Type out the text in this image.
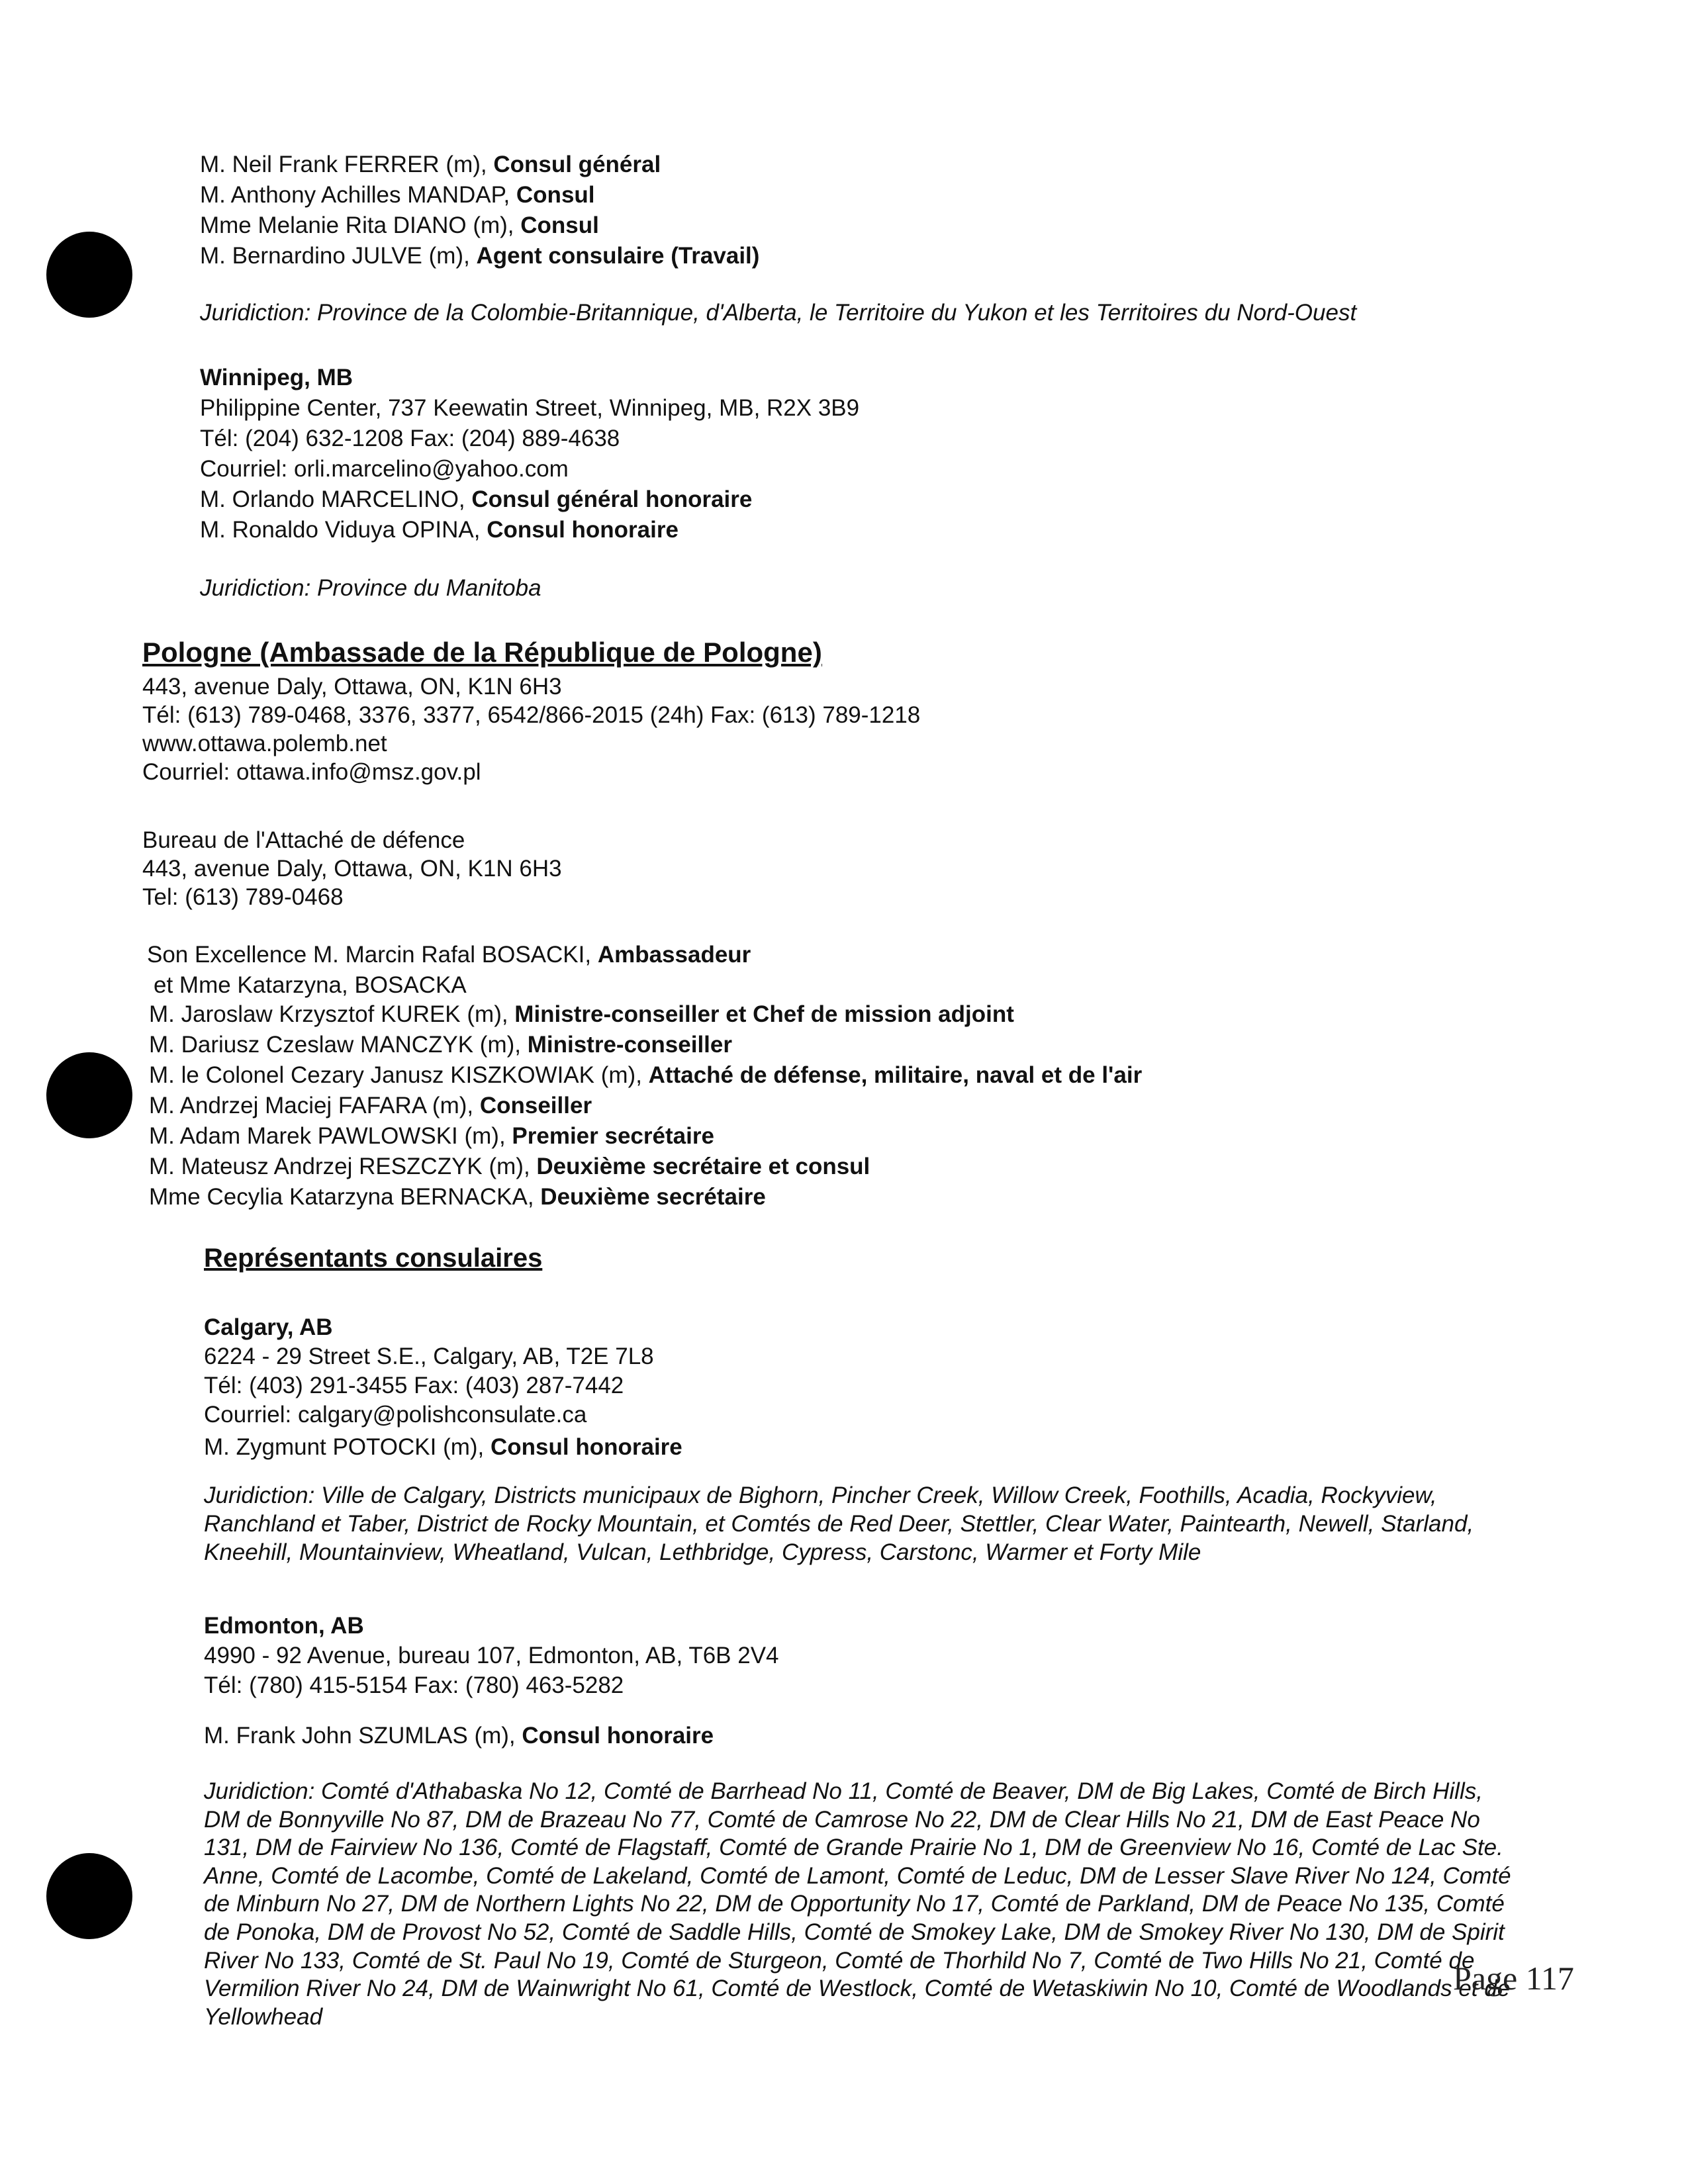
M. Neil Frank FERRER (m), Consul général
M. Anthony Achilles MANDAP, Consul
Mme Melanie Rita DIANO (m), Consul
M. Bernardino JULVE (m), Agent consulaire (Travail)
Juridiction: Province de la Colombie-Britannique, d'Alberta, le Territoire du Yukon et les Territoires du Nord-Ouest
Winnipeg, MB
Philippine Center, 737 Keewatin Street, Winnipeg, MB, R2X 3B9
Tél: (204) 632-1208 Fax: (204) 889-4638
Courriel: orli.marcelino@yahoo.com
M. Orlando MARCELINO, Consul général honoraire
M. Ronaldo Viduya OPINA, Consul honoraire
Juridiction: Province du Manitoba
Pologne (Ambassade de la République de Pologne)
443, avenue Daly, Ottawa, ON, K1N 6H3
Tél: (613) 789-0468, 3376, 3377, 6542/866-2015 (24h) Fax: (613) 789-1218
www.ottawa.polemb.net
Courriel: ottawa.info@msz.gov.pl
Bureau de l'Attaché de défence
443, avenue Daly, Ottawa, ON, K1N 6H3
Tel: (613) 789-0468
Son Excellence M. Marcin Rafal BOSACKI, Ambassadeur
et Mme Katarzyna, BOSACKA
M. Jaroslaw Krzysztof KUREK (m), Ministre-conseiller et Chef de mission adjoint
M. Dariusz Czeslaw MANCZYK (m), Ministre-conseiller
M. le Colonel Cezary Janusz KISZKOWIAK (m), Attaché de défense, militaire, naval et de l'air
M. Andrzej Maciej FAFARA (m), Conseiller
M. Adam Marek PAWLOWSKI (m), Premier secrétaire
M. Mateusz Andrzej RESZCZYK (m), Deuxième secrétaire et consul
Mme Cecylia Katarzyna BERNACKA, Deuxième secrétaire
Représentants consulaires
Calgary, AB
6224 - 29 Street S.E., Calgary, AB, T2E 7L8
Tél: (403) 291-3455 Fax: (403) 287-7442
Courriel: calgary@polishconsulate.ca
M. Zygmunt POTOCKI (m), Consul honoraire
Juridiction: Ville de Calgary, Districts municipaux de Bighorn, Pincher Creek, Willow Creek, Foothills, Acadia, Rockyview, Ranchland et Taber, District de Rocky Mountain, et Comtés de Red Deer, Stettler, Clear Water, Paintearth, Newell, Starland, Kneehill, Mountainview, Wheatland, Vulcan, Lethbridge, Cypress, Carstonc, Warmer et Forty Mile
Edmonton, AB
4990 - 92 Avenue, bureau 107, Edmonton, AB, T6B 2V4
Tél: (780) 415-5154 Fax: (780) 463-5282
M. Frank John SZUMLAS (m), Consul honoraire
Juridiction: Comté d'Athabaska No 12, Comté de Barrhead No 11, Comté de Beaver, DM de Big Lakes, Comté de Birch Hills, DM de Bonnyville No 87, DM de Brazeau No 77, Comté de Camrose No 22, DM de Clear Hills No 21, DM de East Peace No 131, DM de Fairview No 136, Comté de Flagstaff, Comté de Grande Prairie No 1, DM de Greenview No 16, Comté de Lac Ste. Anne, Comté de Lacombe, Comté de Lakeland, Comté de Lamont, Comté de Leduc, DM de Lesser Slave River No 124, Comté de Minburn No 27, DM de Northern Lights No 22, DM de Opportunity No 17, Comté de Parkland, DM de Peace No 135, Comté de Ponoka, DM de Provost No 52, Comté de Saddle Hills, Comté de Smokey Lake, DM de Smokey River No 130, DM de Spirit River No 133, Comté de St. Paul No 19, Comté de Sturgeon, Comté de Thorhild No 7, Comté de Two Hills No 21, Comté de Vermilion River No 24, DM de Wainwright No 61, Comté de Westlock, Comté de Wetaskiwin No 10, Comté de Woodlands et de Yellowhead
Page 117
